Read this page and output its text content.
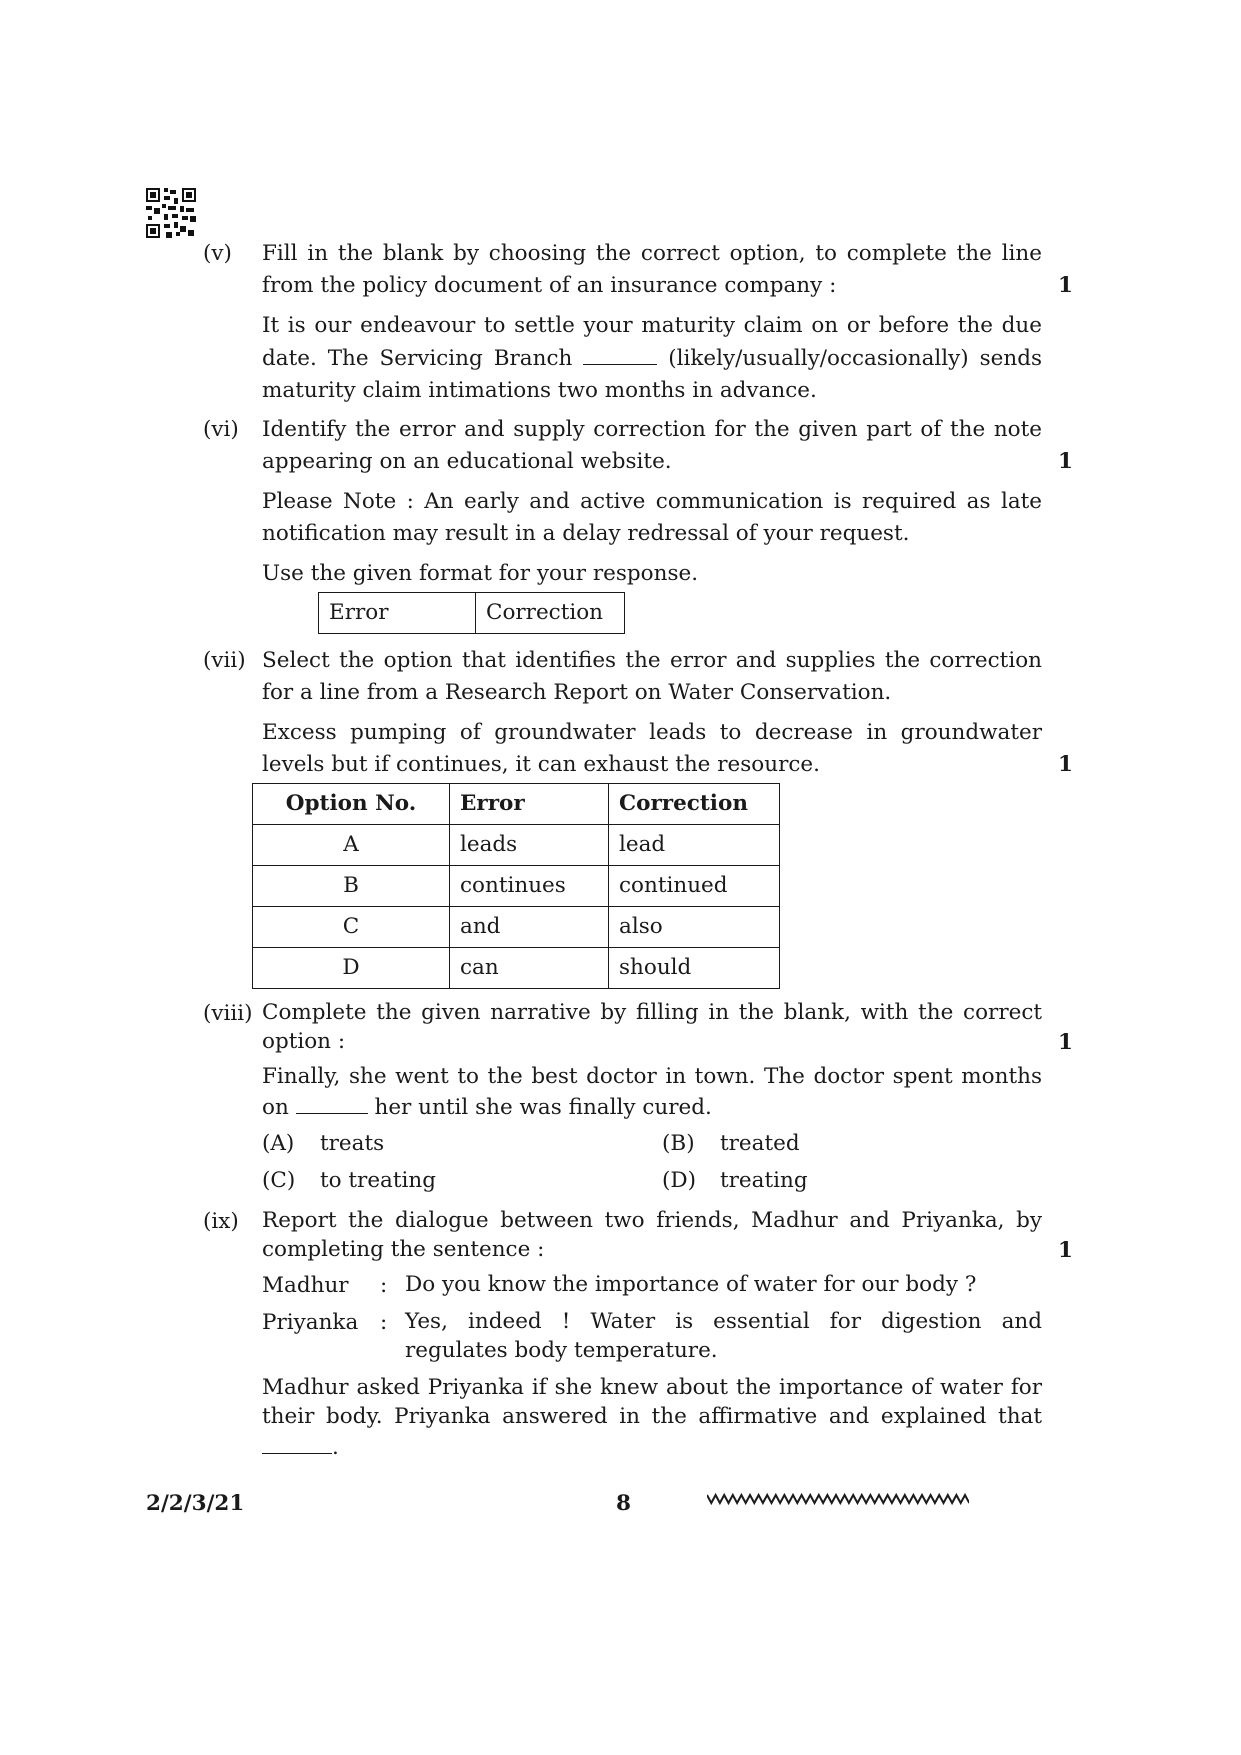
(v)	Fill in the blank by choosing the correct option, to complete the line from the policy document of an insurance company :

It is our endeavour to settle your maturity claim on or before the due date. The Servicing Branch	(likely/usually/occasionally) sends maturity claim intimations two months in advance.

1
(vi)	Identify the error and supply correction for the given part of the note appearing on an educational website.

Please Note : An early and active communication is required as late notification may result in a delay redressal of your request.

Use the given format for your response.

Error	Correction
1
(vii) Select the option that identifies the error and supplies the correction for a line from a Research Report on Water Conservation.

Excess pumping of groundwater leads to decrease in groundwater levels but if continues, it can exhaust the resource.

Option No.	Error	Correction
A	leads	lead
B	continues	continued
C	and	also
D	can	should
1
(viii) Complete the given narrative by filling in the blank, with the correct option :

Finally, she went to the best doctor in town. The doctor spent months on	her until she was finally cured.

(A) treats	(B) treated
(C) to treating	(D) treating
1
(ix)	Report the dialogue between two friends, Madhur and Priyanka, by completing the sentence :

Madhur : Do you know the importance of water for our body ?
Priyanka : Yes, indeed ! Water is essential for digestion and regulates body temperature.

Madhur asked Priyanka if she knew about the importance of water for their body. Priyanka answered in the affirmative and explained that .

1
2/2/3/21	8
